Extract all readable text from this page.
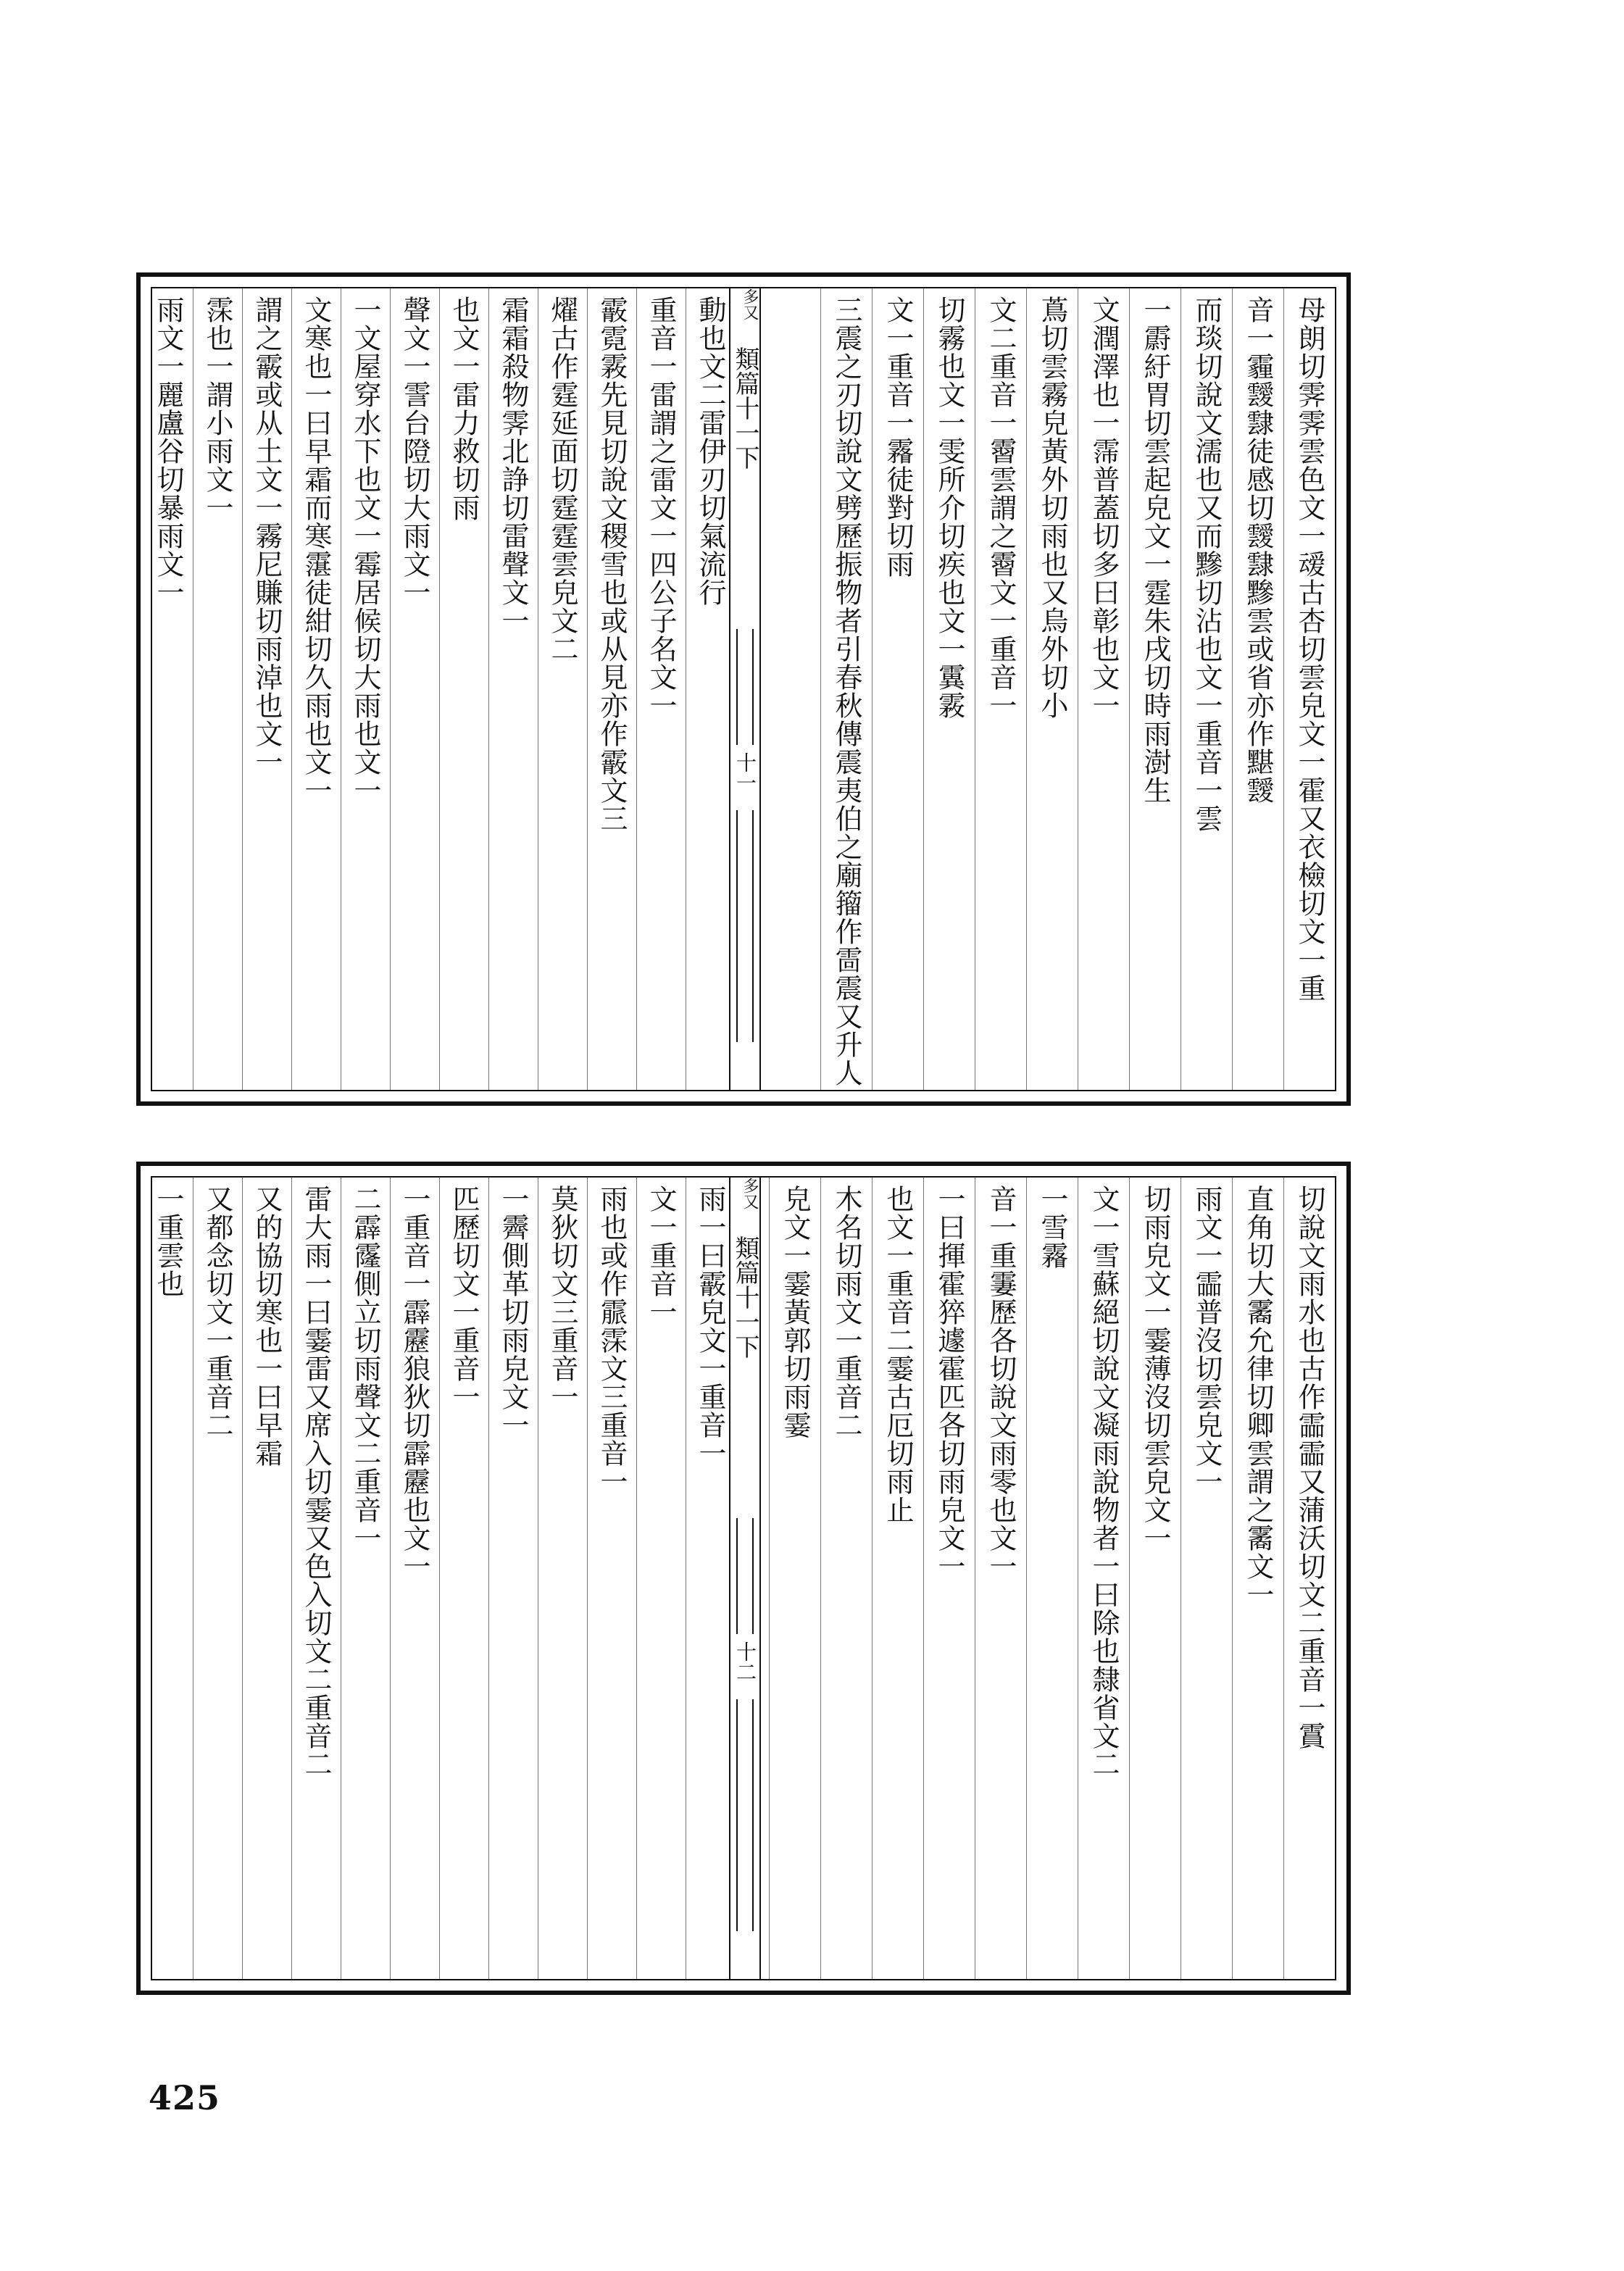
母朗切霁霁雲色文一叆古杏切雲皃文一霍又衣檢切文一重
音一霾靉霴徒感切靉霴黲雲或省亦作黮靉
而琰切說文濡也又而黲切沾也文一重音一雲
一霨紆胃切雲起皃文一霆朱戌切時雨澍生
文潤澤也一霈普蓋切多曰彰也文一
蔦切雲霧皃黃外切雨也又烏外切小
文二重音一霫雲謂之霫文一重音一
切霧也文一雯所介切疾也文一霬霚
文一重音一霿徒對切雨
三震之刃切說文劈歷振物者引春秋傳震夷伯之廟籀作䨓震又升人
多又
類篇十一下
十一
動也文二雷伊刃切氣流行
重音一雷謂之雷文一四公子名文一
霰霓霚先見切說文稷雪也或从見亦作霰文三
燿古作霆延面切霆霆雲皃文二
霜霜殺物霁北諍切雷聲文一
也文一雷力救切雨
聲文一霅台隥切大雨文一
一文屋穿水下也文一霉居候切大雨也文一
文寒也一曰早霜而寒霮徒紺切久雨也文一
謂之霰或从土文一霧尼賺切雨淖也文一
霂也一謂小雨文一
雨文一麗盧谷切暴雨文一
切說文雨水也古作霝霝又蒲沃切文二重音一霣
直角切大霱允律切卿雲謂之霱文一
雨文一霝普沒切雲皃文一
切雨皃文一霎薄沒切雲皃文一
文一雪蘇絕切說文凝雨說物者一曰除也隸省文二
一雪霿
音一重霋歷各切說文雨零也文一
一曰揮霍猝遽霍匹各切雨皃文一
也文一重音二霎古厄切雨止
木名切雨文一重音二
皃文一霎黃郭切雨霎
多又
類篇十一下
十二
雨一曰霰皃文一重音一
文一重音一
雨也或作霢霂文三重音一
莫狄切文三重音一
一霽側革切雨皃文一
匹歷切文一重音一
一重音一霹靂狼狄切霹靂也文一
二霹霳側立切雨聲文二重音一
雷大雨一曰霎雷又席入切霎又色入切文二重音二
又的協切寒也一曰早霜
又都念切文一重音二
一重雲也
425
